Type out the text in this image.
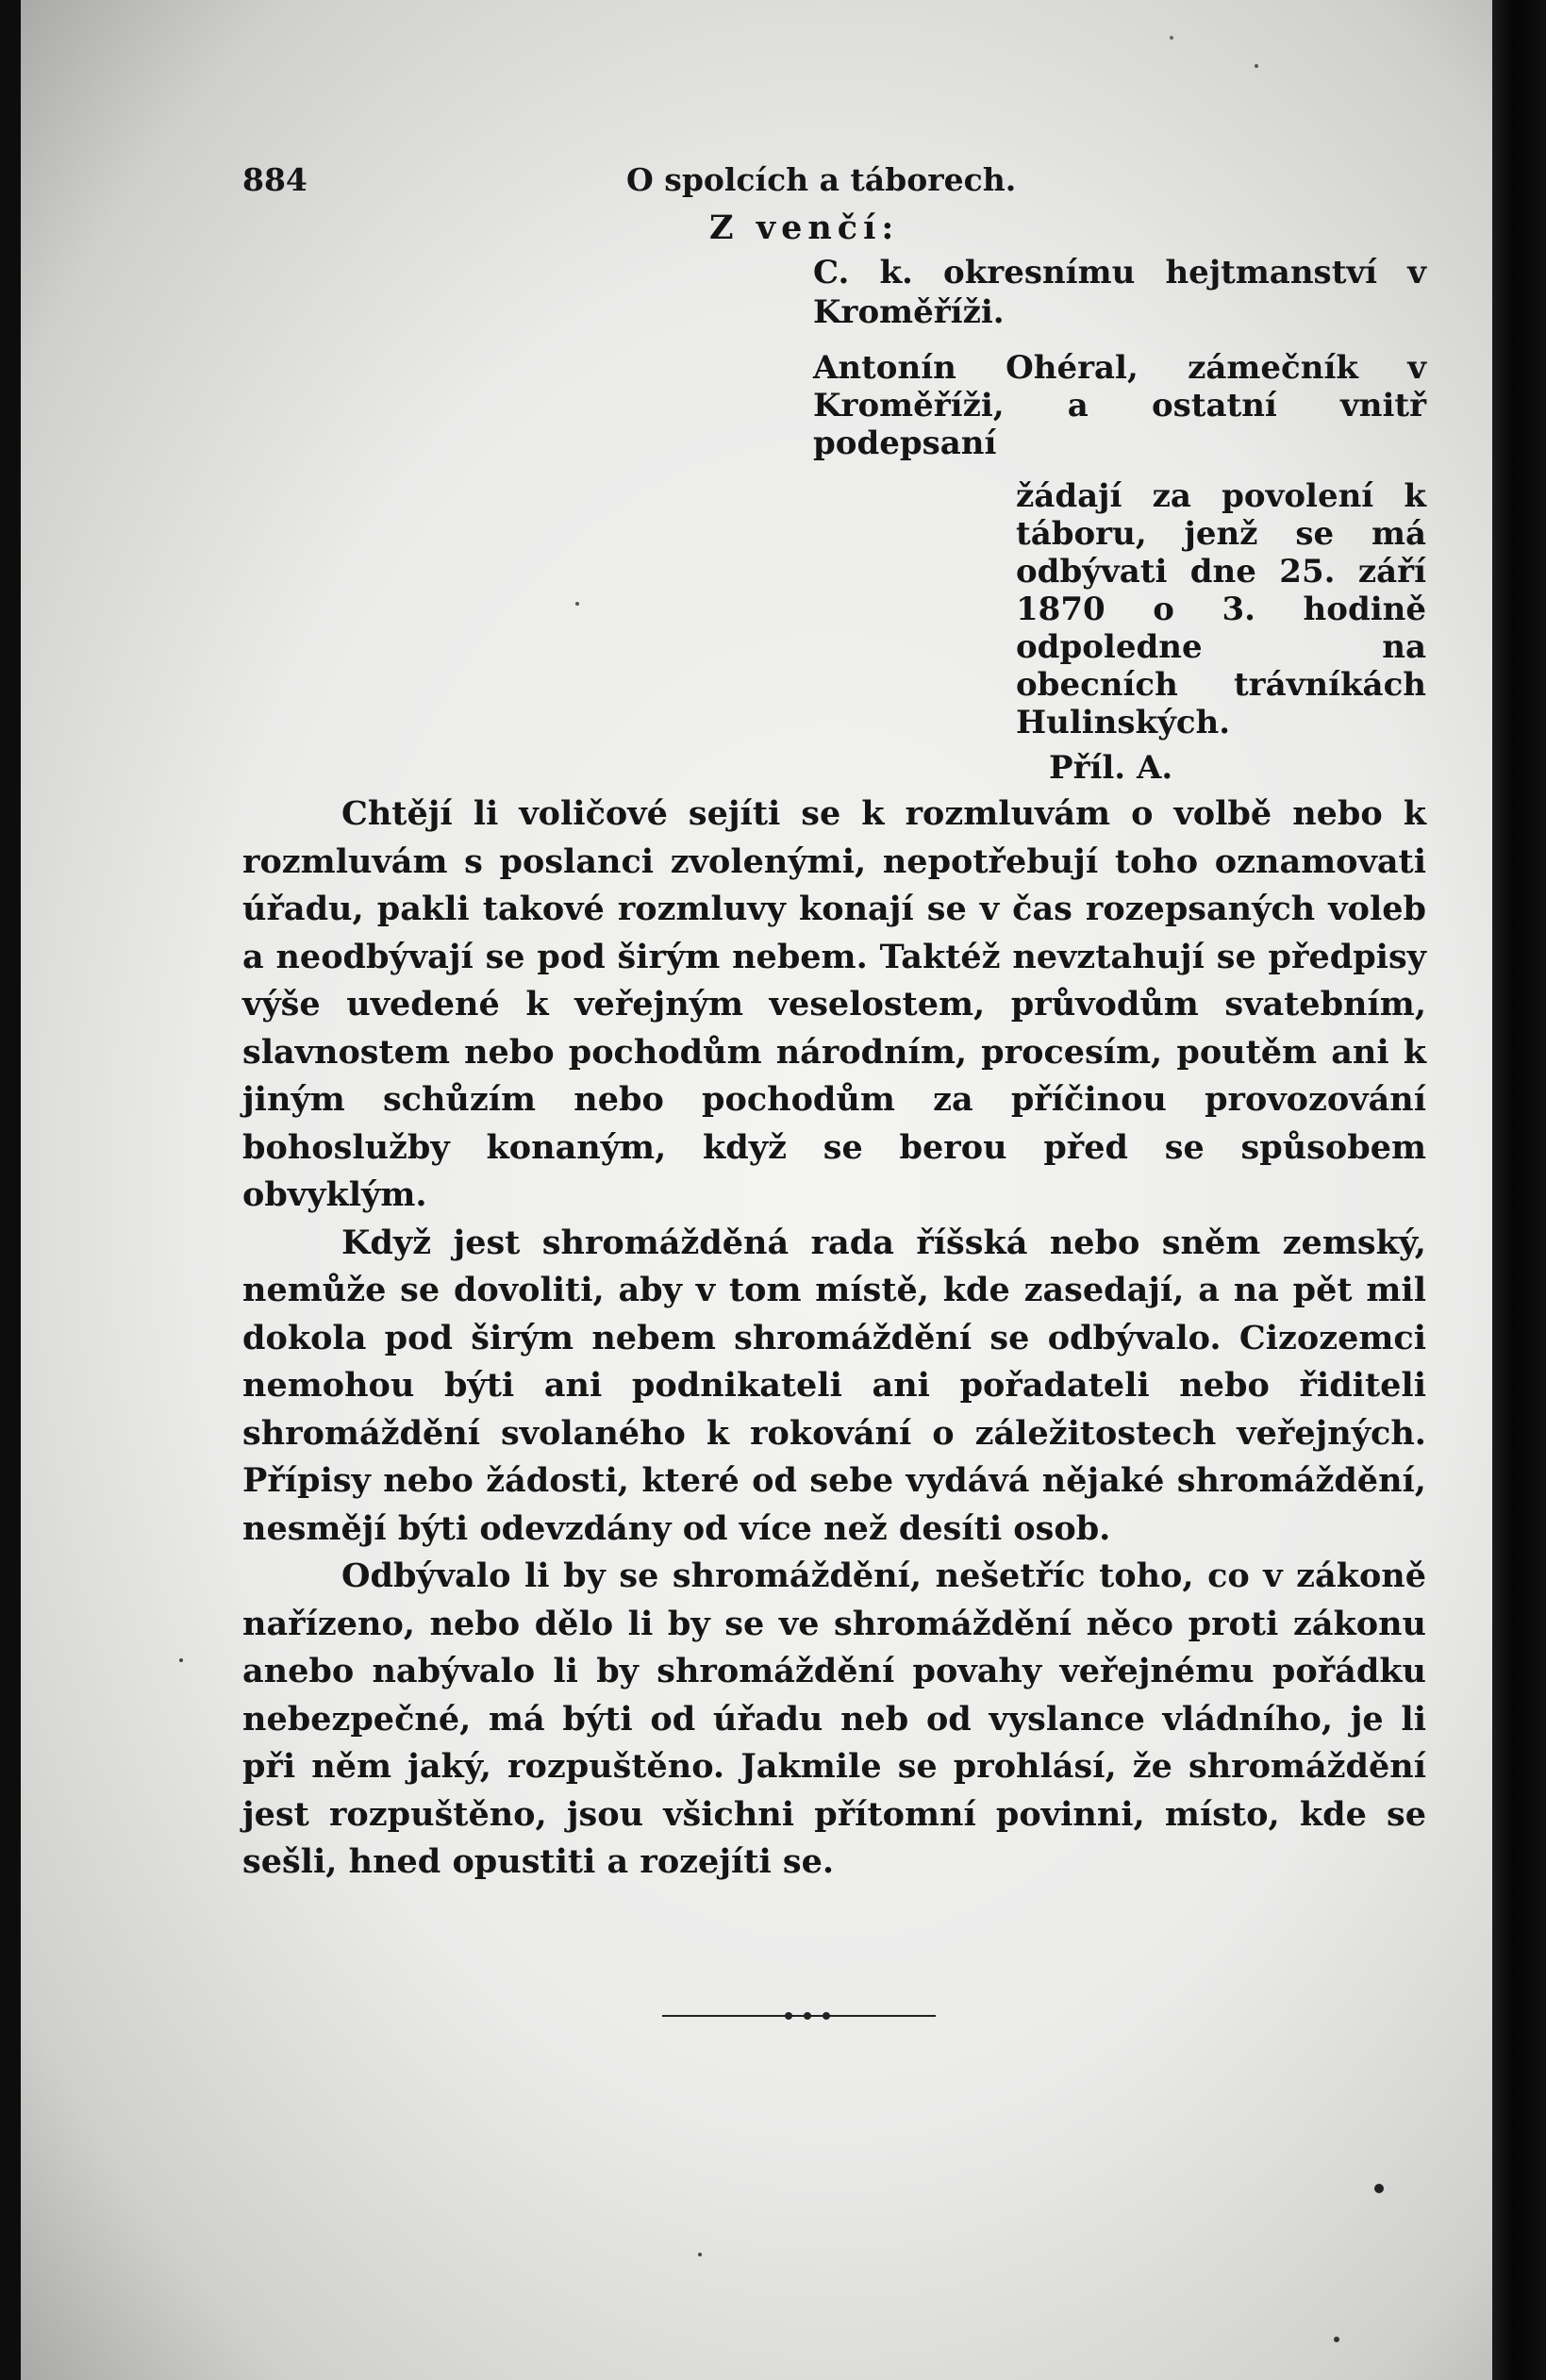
884	O spolcích a táborech.
Z venčí:
C. k. okresnímu hejtmanství v Kroměříži.
Antonín Ohéral, zámečník v Kroměříži, a ostatní vnitř podepsaní
žádají za povolení k táboru, jenž se má odbývati dne 25. září 1870 o 3. hodině odpoledne na obecních trávníkách Hulinských.
Příl. A.

Chtějí li voličové sejíti se k rozmluvám o volbě nebo k rozmluvám s poslanci zvolenými, nepotřebují toho oznamovati úřadu, pakli takové rozmluvy konají se v čas rozepsaných voleb a neodbývají se pod širým nebem. Taktéž nevztahují se předpisy výše uvedené k veřejným veselostem, průvodům svatebním, slavnostem nebo pochodům národním, procesím, poutěm ani k jiným schůzím nebo pochodům za příčinou provozování bohoslužby konaným, když se berou před se spůsobem obvyklým.

Když jest shromážděná rada říšská nebo sněm zemský, nemůže se dovoliti, aby v tom místě, kde zasedají, a na pět mil dokola pod širým nebem shromáždění se odbývalo. Cizozemci nemohou býti ani podnikateli ani pořadateli nebo řiditeli shromáždění svolaného k rokování o záležitostech veřejných. Přípisy nebo žádosti, které od sebe vydává nějaké shromáždění, nesmějí býti odevzdány od více než desíti osob.

Odbývalo li by se shromáždění, nešetříc toho, co v zákoně nařízeno, nebo dělo li by se ve shromáždění něco proti zákonu anebo nabývalo li by shromáždění povahy veřejnému pořádku nebezpečné, má býti od úřadu neb od vyslance vládního, je li při něm jaký, rozpuštěno. Jakmile se prohlásí, že shromáždění jest rozpuštěno, jsou všichni přítomní povinni, místo, kde se sešli, hned opustiti a rozejíti se.
